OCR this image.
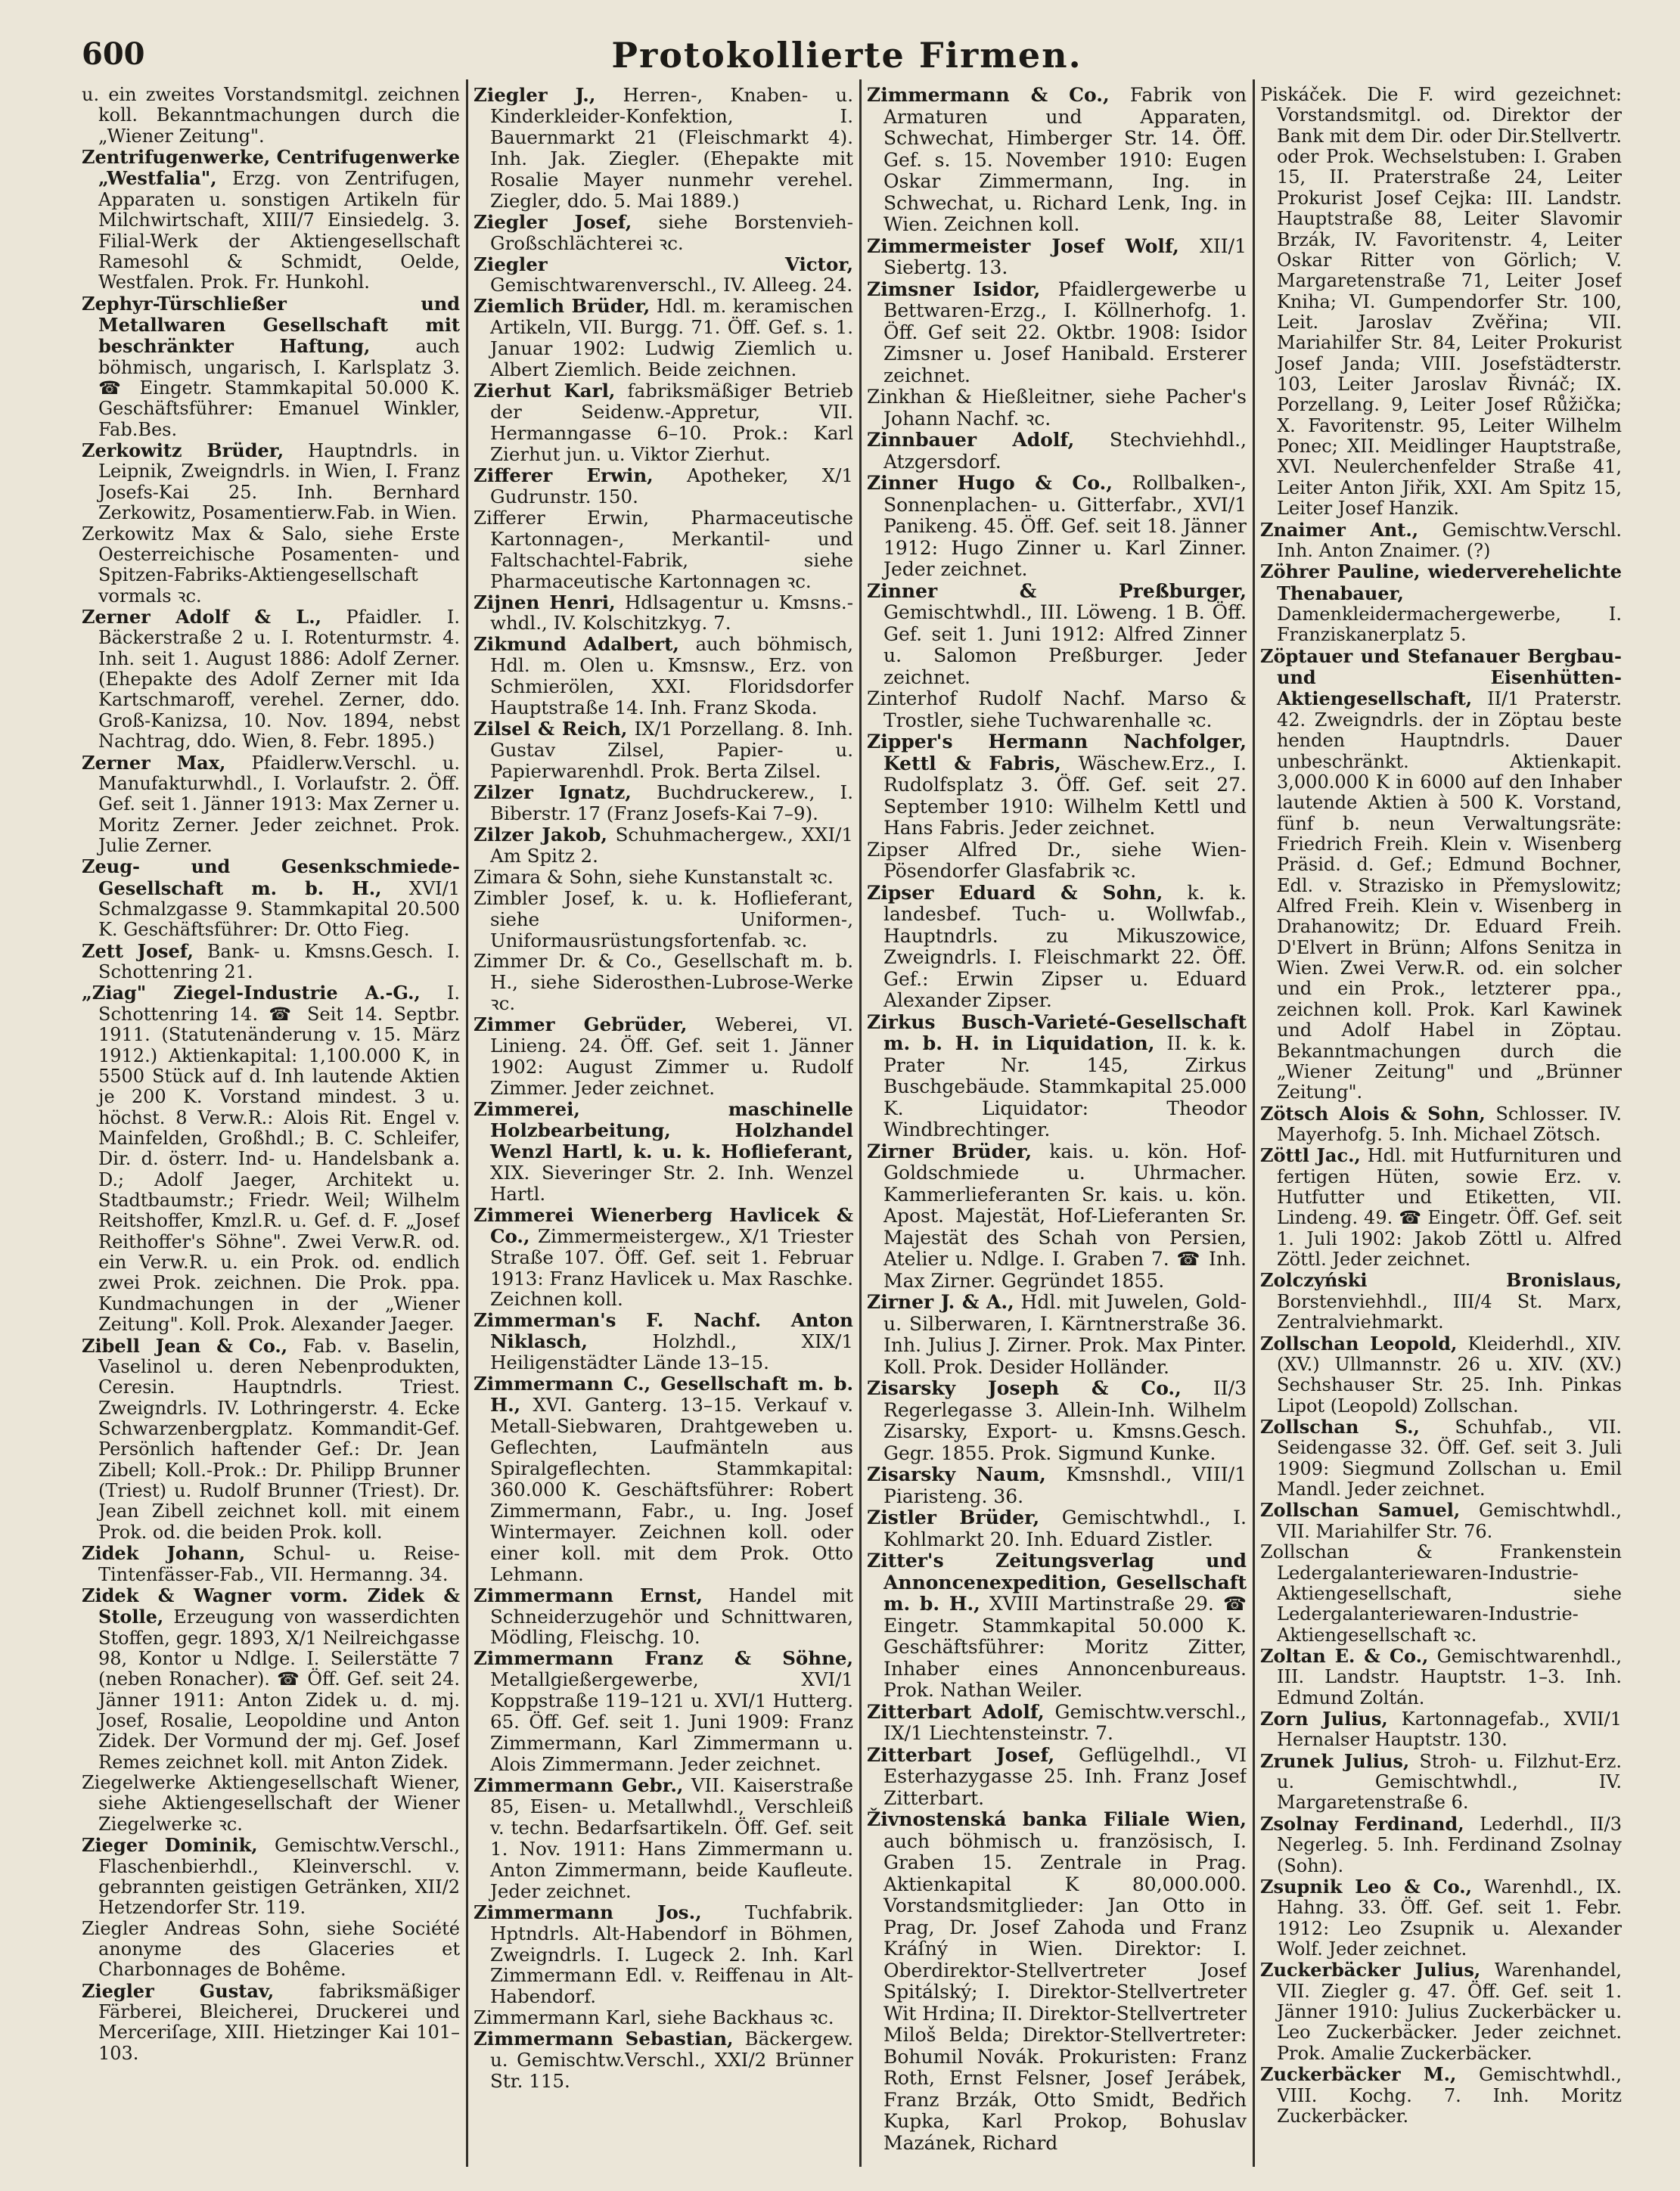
600	Protokollierte Firmen.

u. ein zweites Vorstandsmitgl. zeichnen koll. Bekanntmachungen durch die „Wiener Zeitung".

Zentrifugenwerke, Centrifugenwerke „Westfalia", Erzg. von Zentrifugen, Apparaten u. sonstigen Artikeln für Milchwirtschaft, XIII/7 Einsiedelg. 3. Filial-Werk der Aktiengesellschaft Ramesohl & Schmidt, Oelde, Westfalen. Prok. Fr. Hunkohl.

Zephyr-Türschließer und Metallwaren Gesellschaft mit beschränkter Haftung, auch böhmisch, ungarisch, I. Karlsplatz 3. ☎ Eingetr. Stammkapital 50.000 K. Geschäftsführer: Emanuel Winkler, Fab.Bes.

Zerkowitz Brüder, Hauptndrls. in Leipnik, Zweigndrls. in Wien, I. Franz Josefs-Kai 25. Inh. Bernhard Zerkowitz, Posamentierw.Fab. in Wien.

Zerkowitz Max & Salo, siehe Erste Oesterreichische Posamenten- und Spitzen-Fabriks-Aktiengesellschaft vormals ꝛc.

Zerner Adolf & L., Pfaidler. I. Bäckerstraße 2 u. I. Rotenturmstr. 4. Inh. seit 1. August 1886: Adolf Zerner. (Ehepakte des Adolf Zerner mit Ida Kartschmaroff, verehel. Zerner, ddo. Groß-Kanizsa, 10. Nov. 1894, nebst Nachtrag, ddo. Wien, 8. Febr. 1895.)

Zerner Max, Pfaidlerw.Verschl. u. Manufakturwhdl., I. Vorlaufstr. 2. Öff. Gef. seit 1. Jänner 1913: Max Zerner u. Moritz Zerner. Jeder zeichnet. Prok. Julie Zerner.

Zeug- und Gesenkschmiede-Gesellschaft m. b. H., XVI/1 Schmalzgasse 9. Stammkapital 20.500 K. Geschäftsführer: Dr. Otto Fieg.

Zett Josef, Bank- u. Kmsns.Gesch. I. Schottenring 21.

„Ziag" Ziegel-Industrie A.-G., I. Schottenring 14. ☎ Seit 14. Septbr. 1911. (Statutenänderung v. 15. März 1912.) Aktienkapital: 1,100.000 K, in 5500 Stück auf d. Inh lautende Aktien je 200 K. Vorstand mindest. 3 u. höchst. 8 Verw.R.: Alois Rit. Engel v. Mainfelden, Großhdl.; B. C. Schleifer, Dir. d. österr. Ind- u. Handelsbank a. D.; Adolf Jaeger, Architekt u. Stadtbaumstr.; Friedr. Weil; Wilhelm Reitshoffer, Kmzl.R. u. Gef. d. F. „Josef Reithoffer's Söhne". Zwei Verw.R. od. ein Verw.R. u. ein Prok. od. endlich zwei Prok. zeichnen. Die Prok. ppa. Kundmachungen in der „Wiener Zeitung". Koll. Prok. Alexander Jaeger.

Zibell Jean & Co., Fab. v. Baselin, Vaselinol u. deren Nebenprodukten, Ceresin. Hauptndrls. Triest. Zweigndrls. IV. Lothringerstr. 4. Ecke Schwarzenbergplatz. Kommandit-Gef. Persönlich haftender Gef.: Dr. Jean Zibell; Koll.-Prok.: Dr. Philipp Brunner (Triest) u. Rudolf Brunner (Triest). Dr. Jean Zibell zeichnet koll. mit einem Prok. od. die beiden Prok. koll.

Zidek Johann, Schul- u. Reise-Tintenfässer-Fab., VII. Hermanng. 34.

Zidek & Wagner vorm. Zidek & Stolle, Erzeugung von wasserdichten Stoffen, gegr. 1893, X/1 Neilreichgasse 98, Kontor u Ndlge. I. Seilerstätte 7 (neben Ronacher). ☎ Öff. Gef. seit 24. Jänner 1911: Anton Zidek u. d. mj. Josef, Rosalie, Leopoldine und Anton Zidek. Der Vormund der mj. Gef. Josef Remes zeichnet koll. mit Anton Zidek.

Ziegelwerke Aktiengesellschaft Wiener, siehe Aktiengesellschaft der Wiener Ziegelwerke ꝛc.

Zieger Dominik, Gemischtw.Verschl., Flaschenbierhdl., Kleinverschl. v. gebrannten geistigen Getränken, XII/2 Hetzendorfer Str. 119.

Ziegler Andreas Sohn, siehe Société anonyme des Glaceries et Charbonnages de Bohême.

Ziegler Gustav, fabriksmäßiger Färberei, Bleicherei, Druckerei und Merceriſage, XIII. Hietzinger Kai 101–103.

Ziegler J., Herren-, Knaben- u. Kinderkleider-Konfektion, I. Bauernmarkt 21 (Fleischmarkt 4). Inh. Jak. Ziegler. (Ehepakte mit Rosalie Mayer nunmehr verehel. Ziegler, ddo. 5. Mai 1889.)

Ziegler Josef, siehe Borstenvieh-Großschlächterei ꝛc.

Ziegler Victor, Gemischtwarenverschl., IV. Alleeg. 24.

Ziemlich Brüder, Hdl. m. keramischen Artikeln, VII. Burgg. 71. Öff. Gef. s. 1. Januar 1902: Ludwig Ziemlich u. Albert Ziemlich. Beide zeichnen.

Zierhut Karl, fabriksmäßiger Betrieb der Seidenw.-Appretur, VII. Hermanngasse 6–10. Prok.: Karl Zierhut jun. u. Viktor Zierhut.

Zifferer Erwin, Apotheker, X/1 Gudrunstr. 150.

Zifferer Erwin, Pharmaceutische Kartonnagen-, Merkantil- und Faltschachtel-Fabrik, siehe Pharmaceutische Kartonnagen ꝛc.

Zijnen Henri, Hdlsagentur u. Kmsns.-whdl., IV. Kolschitzkyg. 7.

Zikmund Adalbert, auch böhmisch, Hdl. m. Olen u. Kmsnsw., Erz. von Schmierölen, XXI. Floridsdorfer Hauptstraße 14. Inh. Franz Skoda.

Zilsel & Reich, IX/1 Porzellang. 8. Inh. Gustav Zilsel, Papier- u. Papierwarenhdl. Prok. Berta Zilsel.

Zilzer Ignatz, Buchdruckerew., I. Biberstr. 17 (Franz Josefs-Kai 7–9).

Zilzer Jakob, Schuhmachergew., XXI/1 Am Spitz 2.

Zimara & Sohn, siehe Kunstanstalt ꝛc.

Zimbler Josef, k. u. k. Hoflieferant, siehe Uniformen-, Uniformausrüstungsfortenfab. ꝛc.

Zimmer Dr. & Co., Gesellschaft m. b. H., siehe Siderosthen-Lubrose-Werke ꝛc.

Zimmer Gebrüder, Weberei, VI. Linieng. 24. Öff. Gef. seit 1. Jänner 1902: August Zimmer u. Rudolf Zimmer. Jeder zeichnet.

Zimmerei, maschinelle Holzbearbeitung, Holzhandel Wenzl Hartl, k. u. k. Hoflieferant, XIX. Sieveringer Str. 2. Inh. Wenzel Hartl.

Zimmerei Wienerberg Havlicek & Co., Zimmermeistergew., X/1 Triester Straße 107. Öff. Gef. seit 1. Februar 1913: Franz Havlicek u. Max Raschke. Zeichnen koll.

Zimmerman's F. Nachf. Anton Niklasch, Holzhdl., XIX/1 Heiligenstädter Lände 13–15.

Zimmermann C., Gesellschaft m. b. H., XVI. Ganterg. 13–15. Verkauf v. Metall-Siebwaren, Drahtgeweben u. Geflechten, Laufmänteln aus Spiralgeflechten. Stammkapital: 360.000 K. Geschäftsführer: Robert Zimmermann, Fabr., u. Ing. Josef Wintermayer. Zeichnen koll. oder einer koll. mit dem Prok. Otto Lehmann.

Zimmermann Ernst, Handel mit Schneiderzugehör und Schnittwaren, Mödling, Fleischg. 10.

Zimmermann Franz & Söhne, Metallgießergewerbe, XVI/1 Koppstraße 119–121 u. XVI/1 Hutterg. 65. Öff. Gef. seit 1. Juni 1909: Franz Zimmermann, Karl Zimmermann u. Alois Zimmermann. Jeder zeichnet.

Zimmermann Gebr., VII. Kaiserstraße 85, Eisen- u. Metallwhdl., Verschleiß v. techn. Bedarfsartikeln. Öff. Gef. seit 1. Nov. 1911: Hans Zimmermann u. Anton Zimmermann, beide Kaufleute. Jeder zeichnet.

Zimmermann Jos., Tuchfabrik. Hptndrls. Alt-Habendorf in Böhmen, Zweigndrls. I. Lugeck 2. Inh. Karl Zimmermann Edl. v. Reiffenau in Alt-Habendorf.

Zimmermann Karl, siehe Backhaus ꝛc.

Zimmermann Sebastian, Bäckergew. u. Gemischtw.Verschl., XXI/2 Brünner Str. 115.

Zimmermann & Co., Fabrik von Armaturen und Apparaten, Schwechat, Himberger Str. 14. Öff. Gef. s. 15. November 1910: Eugen Oskar Zimmermann, Ing. in Schwechat, u. Richard Lenk, Ing. in Wien. Zeichnen koll.

Zimmermeister Josef Wolf, XII/1 Siebertg. 13.

Zimsner Isidor, Pfaidlergewerbe u Bettwaren-Erzg., I. Köllnerhofg. 1. Öff. Gef seit 22. Oktbr. 1908: Isidor Zimsner u. Josef Hanibald. Ersterer zeichnet.

Zinkhan & Hießleitner, siehe Pacher's Johann Nachf. ꝛc.

Zinnbauer Adolf, Stechviehhdl., Atzgersdorf.

Zinner Hugo & Co., Rollbalken-, Sonnenplachen- u. Gitterfabr., XVI/1 Panikeng. 45. Öff. Gef. seit 18. Jänner 1912: Hugo Zinner u. Karl Zinner. Jeder zeichnet.

Zinner & Preßburger, Gemischtwhdl., III. Löweng. 1 B. Öff. Gef. seit 1. Juni 1912: Alfred Zinner u. Salomon Preßburger. Jeder zeichnet.

Zinterhof Rudolf Nachf. Marso & Trostler, siehe Tuchwarenhalle ꝛc.

Zipper's Hermann Nachfolger, Kettl & Fabris, Wäschew.Erz., I. Rudolfsplatz 3. Öff. Gef. seit 27. September 1910: Wilhelm Kettl und Hans Fabris. Jeder zeichnet.

Zipser Alfred Dr., siehe Wien-Pösendorfer Glasfabrik ꝛc.

Zipser Eduard & Sohn, k. k. landesbef. Tuch- u. Wollwfab., Hauptndrls. zu Mikuszowice, Zweigndrls. I. Fleischmarkt 22. Öff. Gef.: Erwin Zipser u. Eduard Alexander Zipser.

Zirkus Busch-Varieté-Gesellschaft m. b. H. in Liquidation, II. k. k. Prater Nr. 145, Zirkus Buschgebäude. Stammkapital 25.000 K. Liquidator: Theodor Windbrechtinger.

Zirner Brüder, kais. u. kön. Hof-Goldschmiede u. Uhrmacher. Kammerlieferanten Sr. kais. u. kön. Apost. Majestät, Hof-Lieferanten Sr. Majestät des Schah von Persien, Atelier u. Ndlge. I. Graben 7. ☎ Inh. Max Zirner. Gegründet 1855.

Zirner J. & A., Hdl. mit Juwelen, Gold- u. Silberwaren, I. Kärntnerstraße 36. Inh. Julius J. Zirner. Prok. Max Pinter. Koll. Prok. Desider Holländer.

Zisarsky Joseph & Co., II/3 Regerlegasse 3. Allein-Inh. Wilhelm Zisarsky, Export- u. Kmsns.Gesch. Gegr. 1855. Prok. Sigmund Kunke.

Zisarsky Naum, Kmsnshdl., VIII/1 Piaristeng. 36.

Zistler Brüder, Gemischtwhdl., I. Kohlmarkt 20. Inh. Eduard Zistler.

Zitter's Zeitungsverlag und Annoncenexpedition, Gesellschaft m. b. H., XVIII Martinstraße 29. ☎ Eingetr. Stammkapital 50.000 K. Geschäftsführer: Moritz Zitter, Inhaber eines Annoncenbureaus. Prok. Nathan Weiler.

Zitterbart Adolf, Gemischtw.verschl., IX/1 Liechtensteinstr. 7.

Zitterbart Josef, Geflügelhdl., VI Esterhazygasse 25. Inh. Franz Josef Zitterbart.

Živnostenská banka Filiale Wien, auch böhmisch u. französisch, I. Graben 15. Zentrale in Prag. Aktienkapital K 80,000.000. Vorstandsmitglieder: Jan Otto in Prag, Dr. Josef Zahoda und Franz Kráſný in Wien. Direktor: I. Oberdirektor-Stellvertreter Josef Spitálský; I. Direktor-Stellvertreter Wit Hrdina; II. Direktor-Stellvertreter Miloš Belda; Direktor-Stellvertreter: Bohumil Novák. Prokuristen: Franz Roth, Ernst Felsner, Josef Jerábek, Franz Brzák, Otto Smidt, Bedřich Kupka, Karl Prokop, Bohuslav Mazánek, Richard

Piskáček. Die F. wird gezeichnet: Vorstandsmitgl. od. Direktor der Bank mit dem Dir. oder Dir.Stellvertr. oder Prok. Wechselstuben: I. Graben 15, II. Praterstraße 24, Leiter Prokurist Josef Cejka: III. Landstr. Hauptstraße 88, Leiter Slavomir Brzák, IV. Favoritenstr. 4, Leiter Oskar Ritter von Görlich; V. Margaretenstraße 71, Leiter Josef Kniha; VI. Gumpendorfer Str. 100, Leit. Jaroslav Zvěřina; VII. Mariahilfer Str. 84, Leiter Prokurist Josef Janda; VIII. Josefstädterstr. 103, Leiter Jaroslav Řivnáč; IX. Porzellang. 9, Leiter Josef Růžička; X. Favoritenstr. 95, Leiter Wilhelm Ponec; XII. Meidlinger Hauptstraße, XVI. Neulerchenfelder Straße 41, Leiter Anton Jiřik, XXI. Am Spitz 15, Leiter Josef Hanzik.

Znaimer Ant., Gemischtw.Verschl. Inh. Anton Znaimer. (?)

Zöhrer Pauline, wiederverehelichte Thenabauer, Damenkleidermachergewerbe, I. Franziskanerplatz 5.

Zöptauer und Stefanauer Bergbau- und Eisenhütten-Aktiengesellschaft, II/1 Praterstr. 42. Zweigndrls. der in Zöptau beste henden Hauptndrls. Dauer unbeschränkt. Aktienkapit. 3,000.000 K in 6000 auf den Inhaber lautende Aktien à 500 K. Vorstand, fünf b. neun Verwaltungsräte: Friedrich Freih. Klein v. Wisenberg Präsid. d. Gef.; Edmund Bochner, Edl. v. Strazisko in Přemyslowitz; Alfred Freih. Klein v. Wisenberg in Drahanowitz; Dr. Eduard Freih. D'Elvert in Brünn; Alfons Senitza in Wien. Zwei Verw.R. od. ein solcher und ein Prok., letzterer ppa., zeichnen koll. Prok. Karl Kawinek und Adolf Habel in Zöptau. Bekanntmachungen durch die „Wiener Zeitung" und „Brünner Zeitung".

Zötsch Alois & Sohn, Schlosser. IV. Mayerhofg. 5. Inh. Michael Zötsch.

Zöttl Jac., Hdl. mit Hutfurnituren und fertigen Hüten, sowie Erz. v. Hutfutter und Etiketten, VII. Lindeng. 49. ☎ Eingetr. Öff. Gef. seit 1. Juli 1902: Jakob Zöttl u. Alfred Zöttl. Jeder zeichnet.

Zolczyński Bronislaus, Borstenviehhdl., III/4 St. Marx, Zentralviehmarkt.

Zollschan Leopold, Kleiderhdl., XIV. (XV.) Ullmannstr. 26 u. XIV. (XV.) Sechshauser Str. 25. Inh. Pinkas Lipot (Leopold) Zollschan.

Zollschan S., Schuhfab., VII. Seidengasse 32. Öff. Gef. seit 3. Juli 1909: Siegmund Zollschan u. Emil Mandl. Jeder zeichnet.

Zollschan Samuel, Gemischtwhdl., VII. Mariahilfer Str. 76.

Zollschan & Frankenstein Ledergalanteriewaren-Industrie-Aktiengesellschaft, siehe Ledergalanteriewaren-Industrie-Aktiengesellschaft ꝛc.

Zoltan E. & Co., Gemischtwarenhdl., III. Landstr. Hauptstr. 1–3. Inh. Edmund Zoltán.

Zorn Julius, Kartonnagefab., XVII/1 Hernalser Hauptstr. 130.

Zrunek Julius, Stroh- u. Filzhut-Erz. u. Gemischtwhdl., IV. Margaretenstraße 6.

Zsolnay Ferdinand, Lederhdl., II/3 Negerleg. 5. Inh. Ferdinand Zsolnay (Sohn).

Zsupnik Leo & Co., Warenhdl., IX. Hahng. 33. Öff. Gef. seit 1. Febr. 1912: Leo Zsupnik u. Alexander Wolf. Jeder zeichnet.

Zuckerbäcker Julius, Warenhandel, VII. Ziegler g. 47. Öff. Gef. seit 1. Jänner 1910: Julius Zuckerbäcker u. Leo Zuckerbäcker. Jeder zeichnet. Prok. Amalie Zuckerbäcker.

Zuckerbäcker M., Gemischtwhdl., VIII. Kochg. 7. Inh. Moritz Zuckerbäcker.
